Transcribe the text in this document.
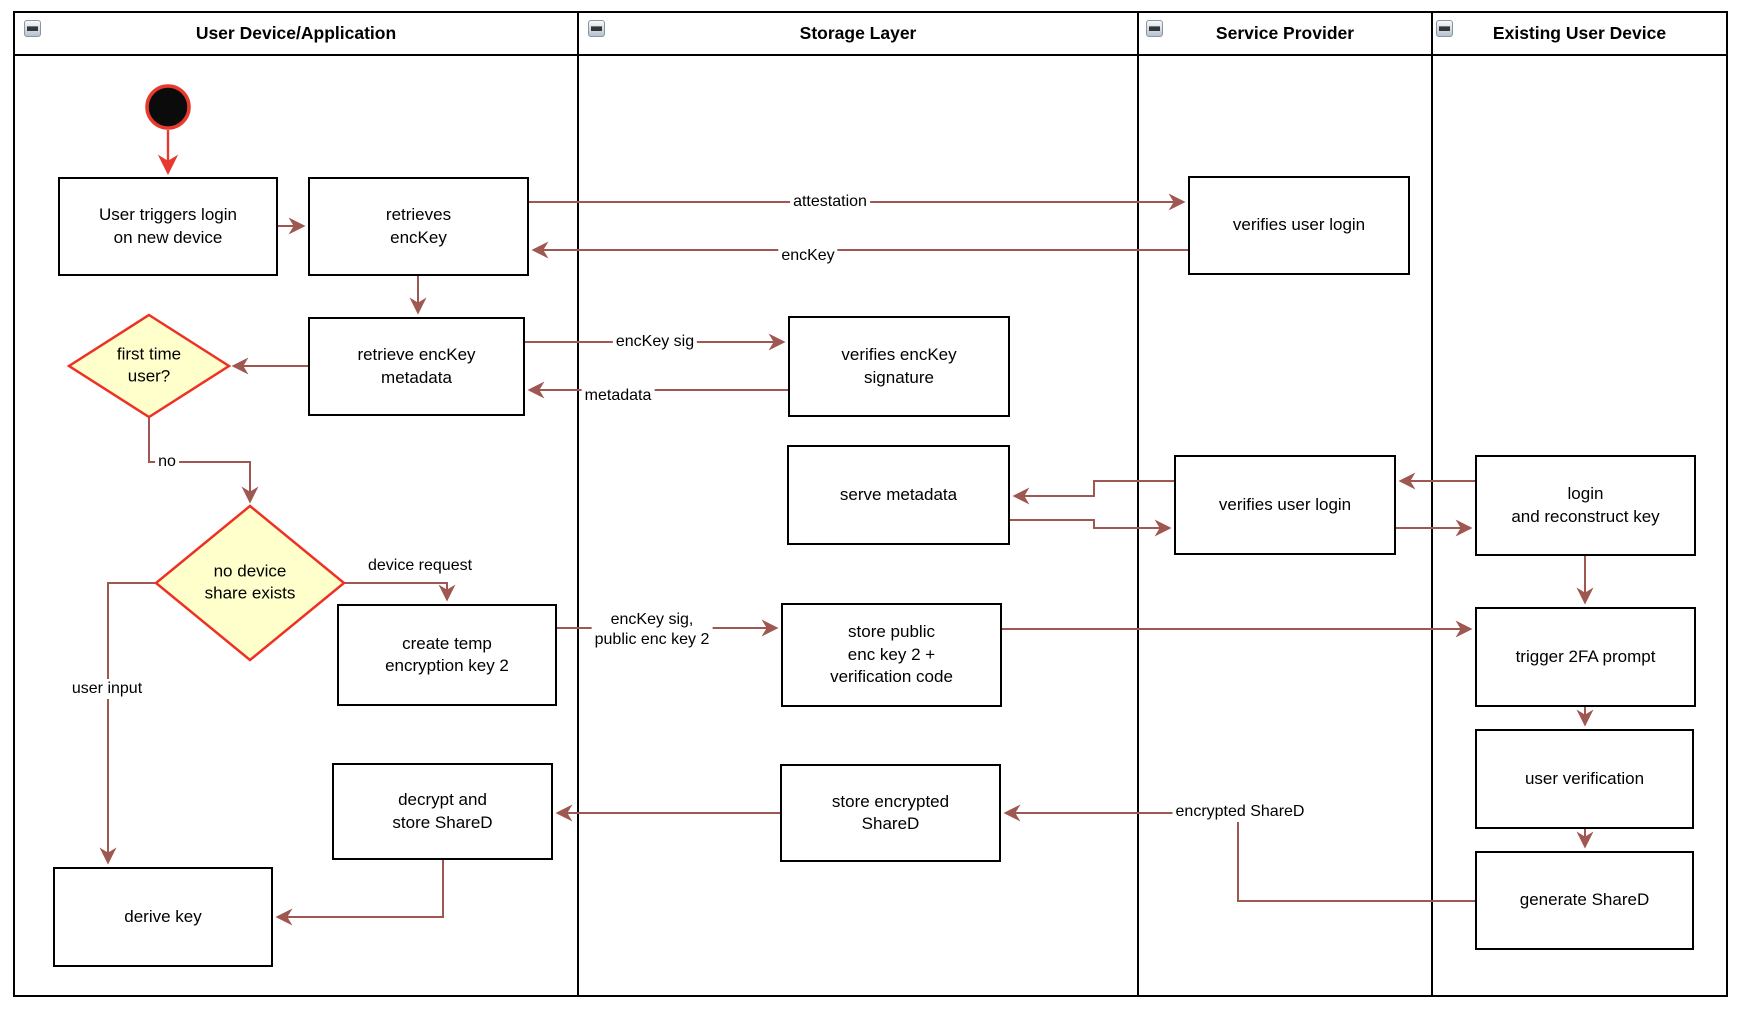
User Device/Application	Storage Layer	Service Provider	Existing User Device
User triggers login
on new device
retrieves
encKey
retrieve encKey
metadata
first time
user?
no device
share exists
create temp
encryption key 2
decrypt and
store ShareD
derive key
verifies encKey
signature
serve metadata
store public
enc key 2 +
verification code
store encrypted
ShareD
verifies user login
verifies user login
login
and reconstruct key
trigger 2FA prompt
user verification
generate ShareD
attestation
encKey
encKey sig
metadata
no
device request
encKey sig,
public enc key 2
encrypted ShareD
user input
